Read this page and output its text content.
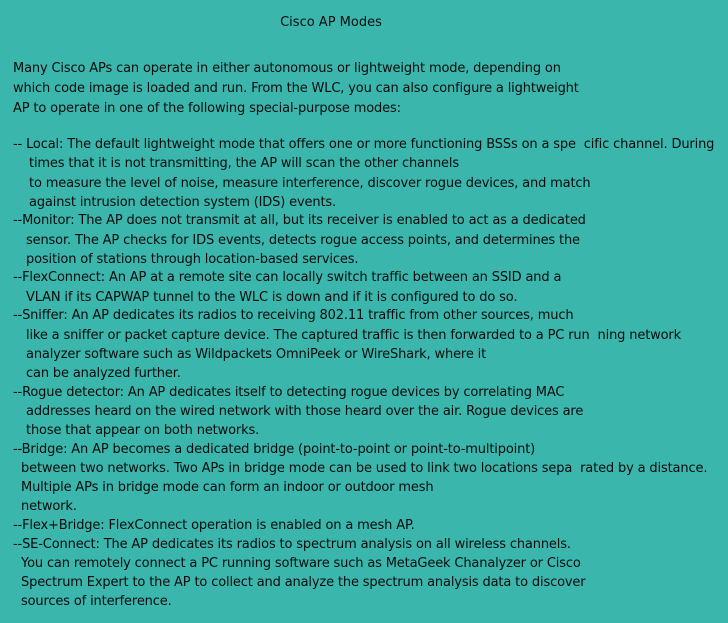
Cisco AP Modes
Many Cisco APs can operate in either autonomous or lightweight mode, depending on
which code image is loaded and run. From the WLC, you can also configure a lightweight
AP to operate in one of the following special-purpose modes:
-- Local: The default lightweight mode that offers one or more functioning BSSs on a spe  cific channel. During
times that it is not transmitting, the AP will scan the other channels
to measure the level of noise, measure interference, discover rogue devices, and match
against intrusion detection system (IDS) events.
--Monitor: The AP does not transmit at all, but its receiver is enabled to act as a dedicated
sensor. The AP checks for IDS events, detects rogue access points, and determines the
position of stations through location-based services.
--FlexConnect: An AP at a remote site can locally switch traffic between an SSID and a
VLAN if its CAPWAP tunnel to the WLC is down and if it is configured to do so.
--Sniffer: An AP dedicates its radios to receiving 802.11 traffic from other sources, much
like a sniffer or packet capture device. The captured traffic is then forwarded to a PC run  ning network
analyzer software such as Wildpackets OmniPeek or WireShark, where it
can be analyzed further.
--Rogue detector: An AP dedicates itself to detecting rogue devices by correlating MAC
addresses heard on the wired network with those heard over the air. Rogue devices are
those that appear on both networks.
--Bridge: An AP becomes a dedicated bridge (point-to-point or point-to-multipoint)
between two networks. Two APs in bridge mode can be used to link two locations sepa  rated by a distance.
Multiple APs in bridge mode can form an indoor or outdoor mesh
network.
--Flex+Bridge: FlexConnect operation is enabled on a mesh AP.
--SE-Connect: The AP dedicates its radios to spectrum analysis on all wireless channels.
You can remotely connect a PC running software such as MetaGeek Chanalyzer or Cisco
Spectrum Expert to the AP to collect and analyze the spectrum analysis data to discover
sources of interference.
